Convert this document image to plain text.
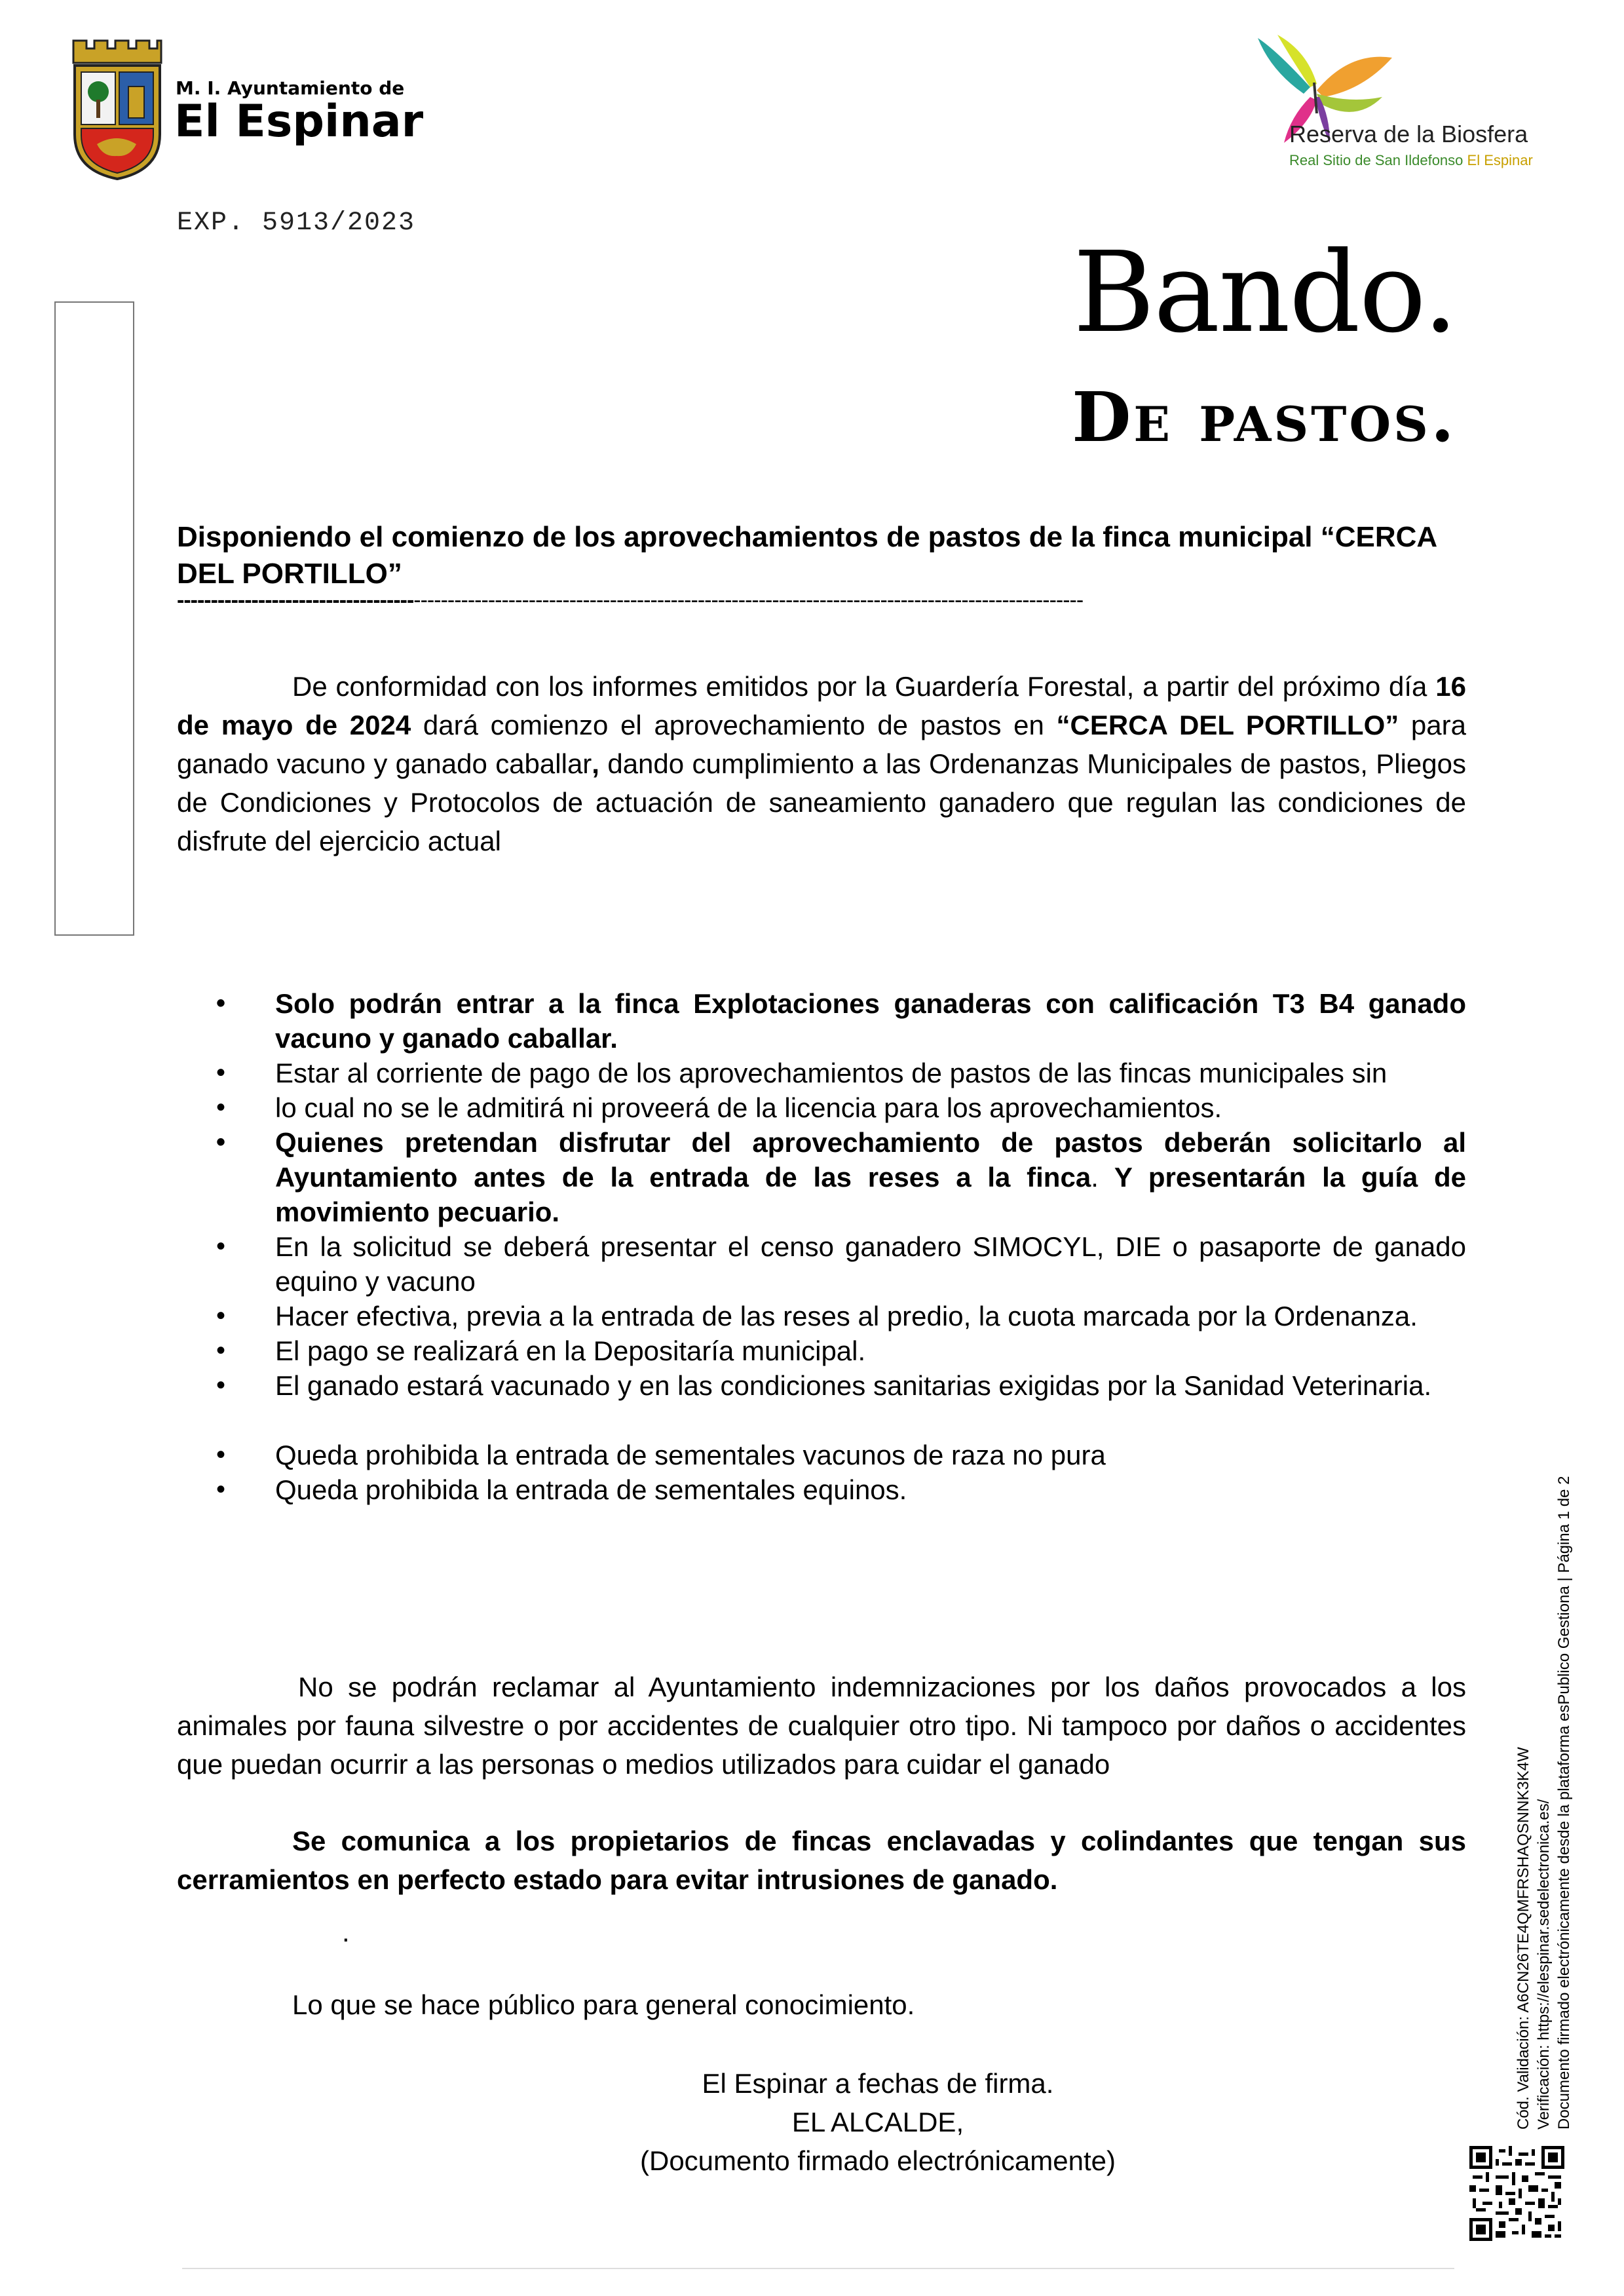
M. I. Ayuntamiento de
El Espinar	Reserva de la Biosfera
Real Sitio de San Ildefonso El Espinar
EXP. 5913/2023
Bando.
De pastos.
Disponiendo el comienzo de los aprovechamientos de pastos de la finca municipal “CERCA DEL PORTILLO”
--------------------------------------------------------------------------------------------------------------------------------------
De conformidad con los informes emitidos por la Guardería Forestal, a partir del próximo día 16 de mayo de 2024 dará comienzo el aprovechamiento de pastos en “CERCA DEL PORTILLO” para ganado vacuno y ganado caballar, dando cumplimiento a las Ordenanzas Municipales de pastos, Pliegos de Condiciones y Protocolos de actuación de saneamiento ganadero que regulan las condiciones de disfrute del ejercicio actual
• Solo podrán entrar a la finca Explotaciones ganaderas con calificación T3 B4 ganado vacuno y ganado caballar.
• Estar al corriente de pago de los aprovechamientos de pastos de las fincas municipales sin
• lo cual no se le admitirá ni proveerá de la licencia para los aprovechamientos.
• Quienes pretendan disfrutar del aprovechamiento de pastos deberán solicitarlo al Ayuntamiento antes de la entrada de las reses a la finca. Y presentarán la guía de movimiento pecuario.
• En la solicitud se deberá presentar el censo ganadero SIMOCYL, DIE o pasaporte de ganado equino y vacuno
• Hacer efectiva, previa a la entrada de las reses al predio, la cuota marcada por la Ordenanza.
• El pago se realizará en la Depositaría municipal.
• El ganado estará vacunado y en las condiciones sanitarias exigidas por la Sanidad Veterinaria.
• Queda prohibida la entrada de sementales vacunos de raza no pura
• Queda prohibida la entrada de sementales equinos.
No se podrán reclamar al Ayuntamiento indemnizaciones por los daños provocados a los animales por fauna silvestre o por accidentes de cualquier otro tipo. Ni tampoco por daños o accidentes que puedan ocurrir a las personas o medios utilizados para cuidar el ganado
Se comunica a los propietarios de fincas enclavadas y colindantes que tengan sus cerramientos en perfecto estado para evitar intrusiones de ganado.
.
Lo que se hace público para general conocimiento.
El Espinar a fechas de firma.
EL ALCALDE,
(Documento firmado electrónicamente)
Cód. Validación: A6CN26TE4QMFRSHAQSNNK3K4W Verificación: https://elespinar.sedelectronica.es/ Documento firmado electrónicamente desde la plataforma esPublico Gestiona | Página 1 de 2
